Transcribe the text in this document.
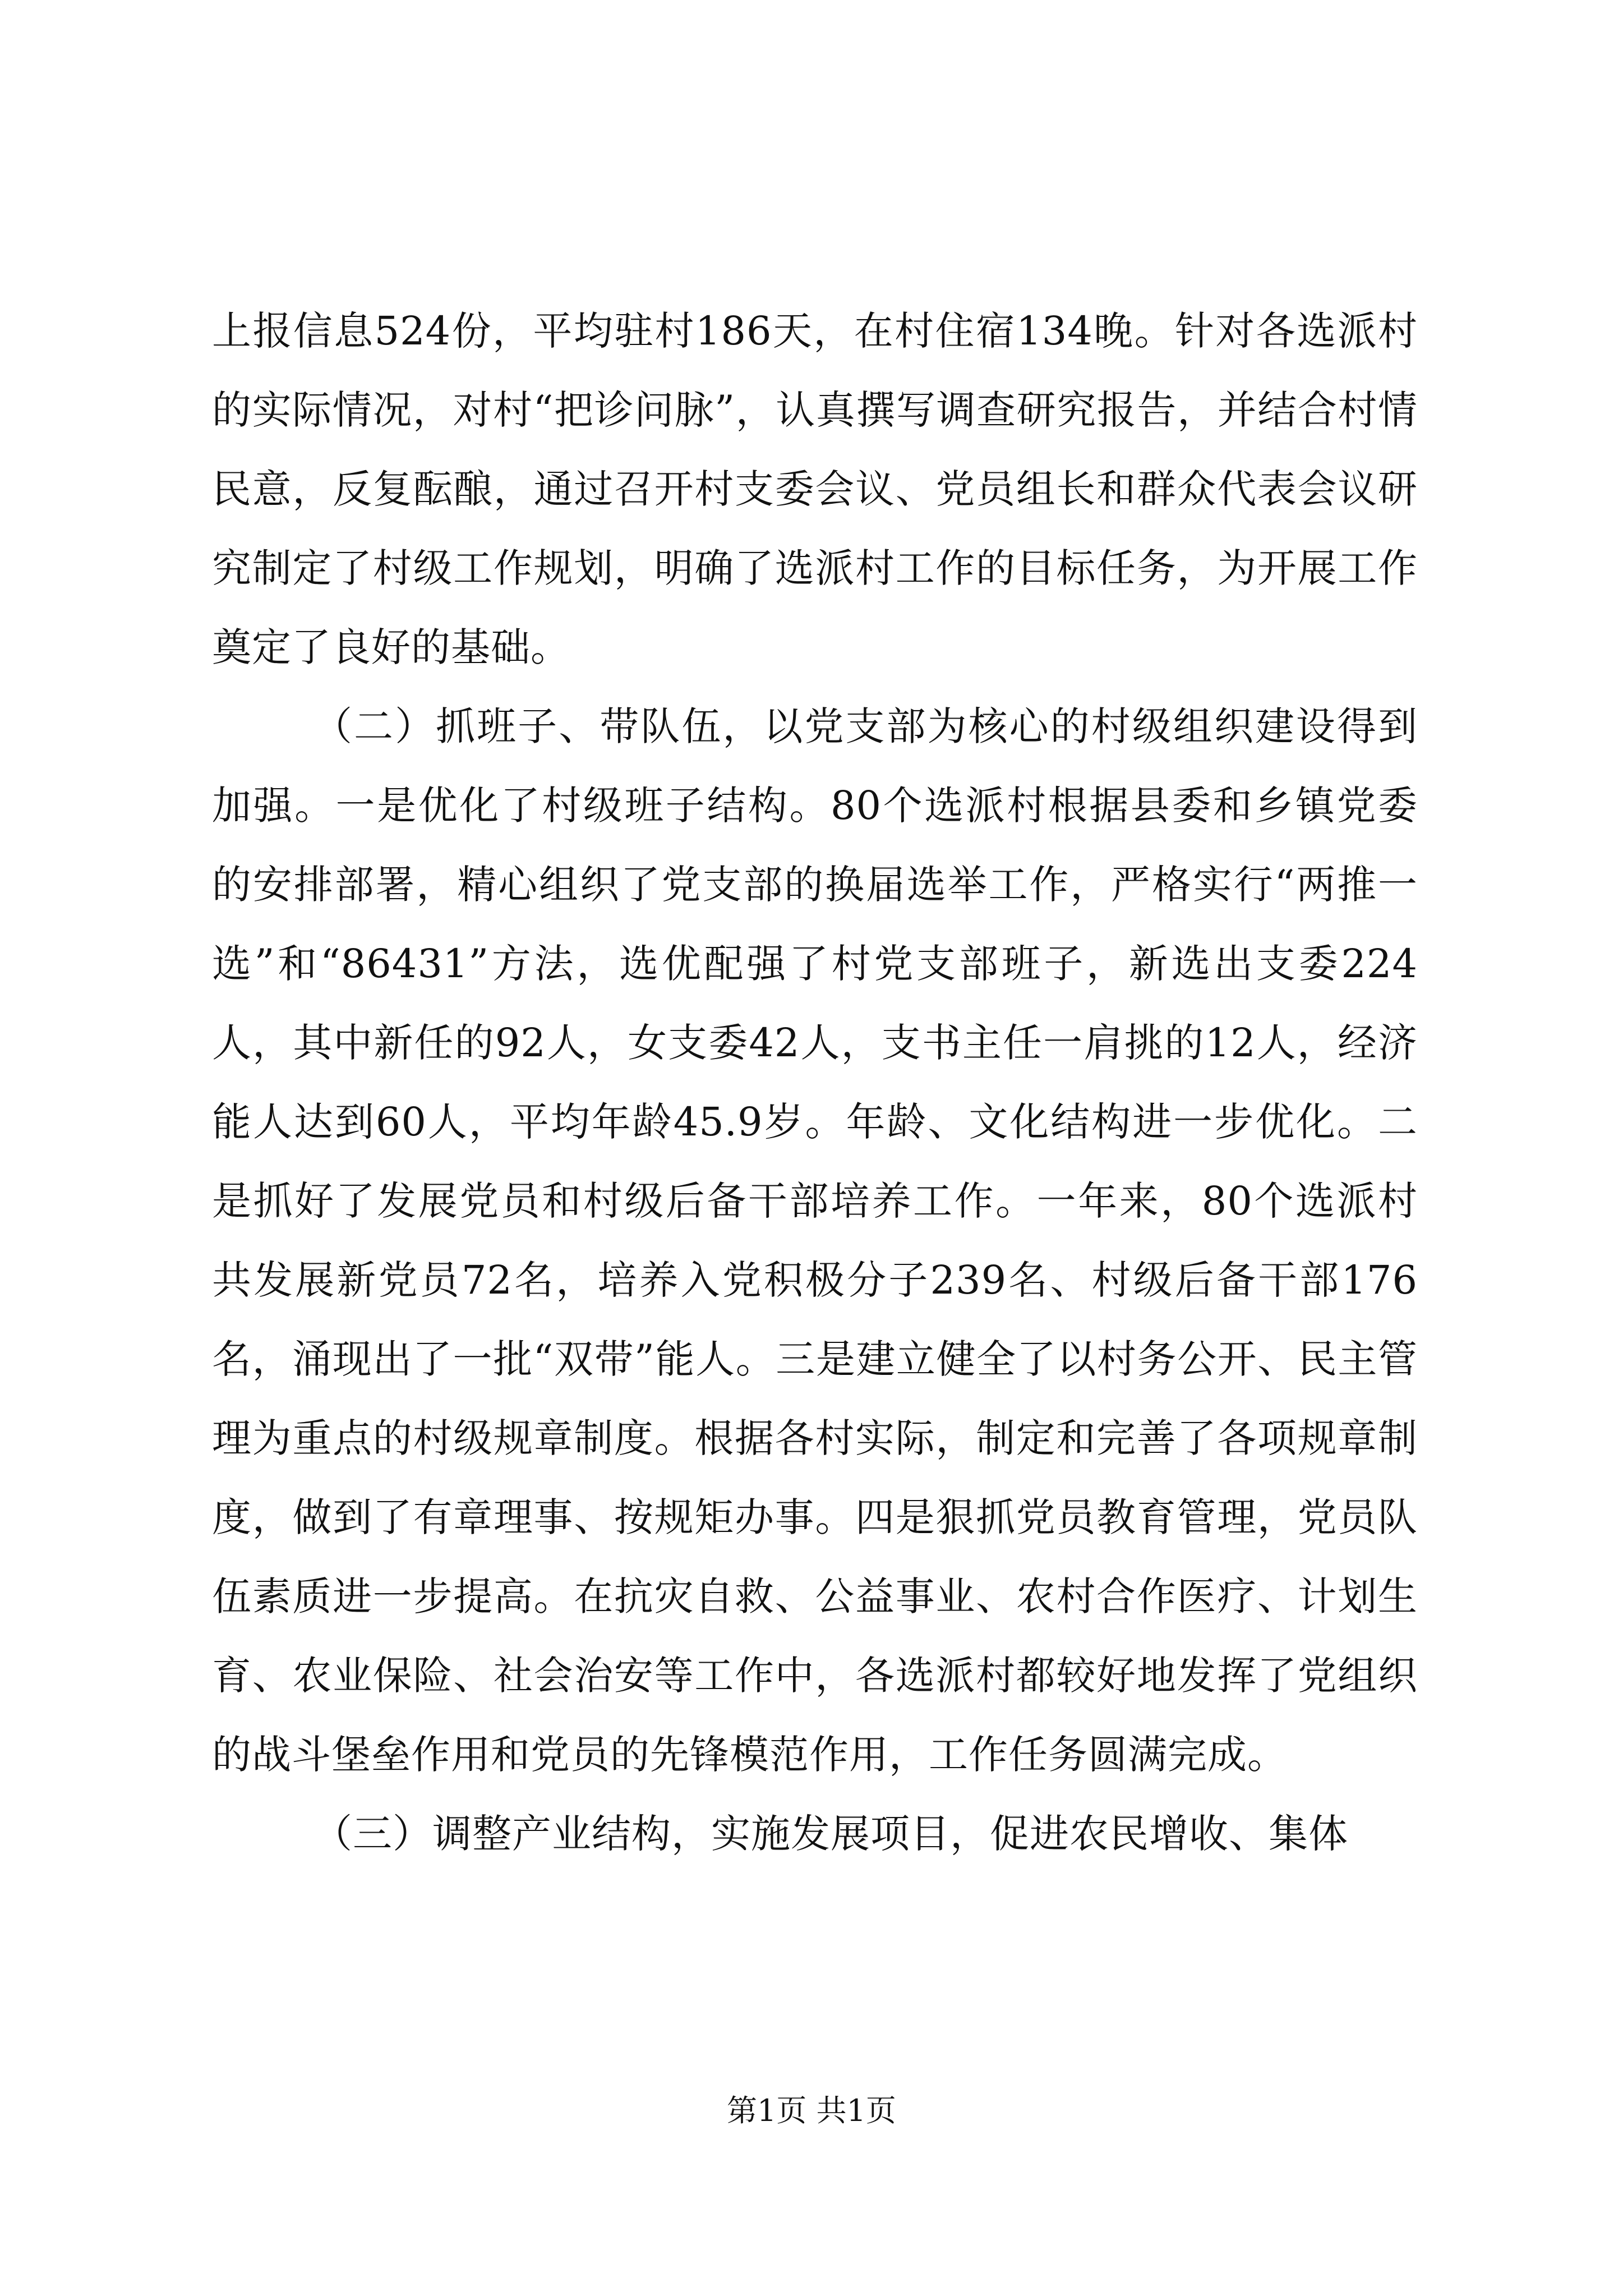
上报信息524份，平均驻村186天，在村住宿134晚。针对各选派村的实际情况，对村“把诊问脉”，认真撰写调查研究报告，并结合村情民意，反复酝酿，通过召开村支委会议、党员组长和群众代表会议研究制定了村级工作规划，明确了选派村工作的目标任务，为开展工作奠定了良好的基础。

（二）抓班子、带队伍，以党支部为核心的村级组织建设得到加强。一是优化了村级班子结构。80个选派村根据县委和乡镇党委的安排部署，精心组织了党支部的换届选举工作，严格实行“两推一选”和“86431”方法，选优配强了村党支部班子，新选出支委224人，其中新任的92人，女支委42人，支书主任一肩挑的12人，经济能人达到60人，平均年龄45.9岁。年龄、文化结构进一步优化。二是抓好了发展党员和村级后备干部培养工作。一年来，80个选派村共发展新党员72名，培养入党积极分子239名、村级后备干部176名，涌现出了一批“双带”能人。三是建立健全了以村务公开、民主管理为重点的村级规章制度。根据各村实际，制定和完善了各项规章制度，做到了有章理事、按规矩办事。四是狠抓党员教育管理，党员队伍素质进一步提高。在抗灾自救、公益事业、农村合作医疗、计划生育、农业保险、社会治安等工作中，各选派村都较好地发挥了党组织的战斗堡垒作用和党员的先锋模范作用，工作任务圆满完成。

（三）调整产业结构，实施发展项目，促进农民增收、集体

第1页 共1页
